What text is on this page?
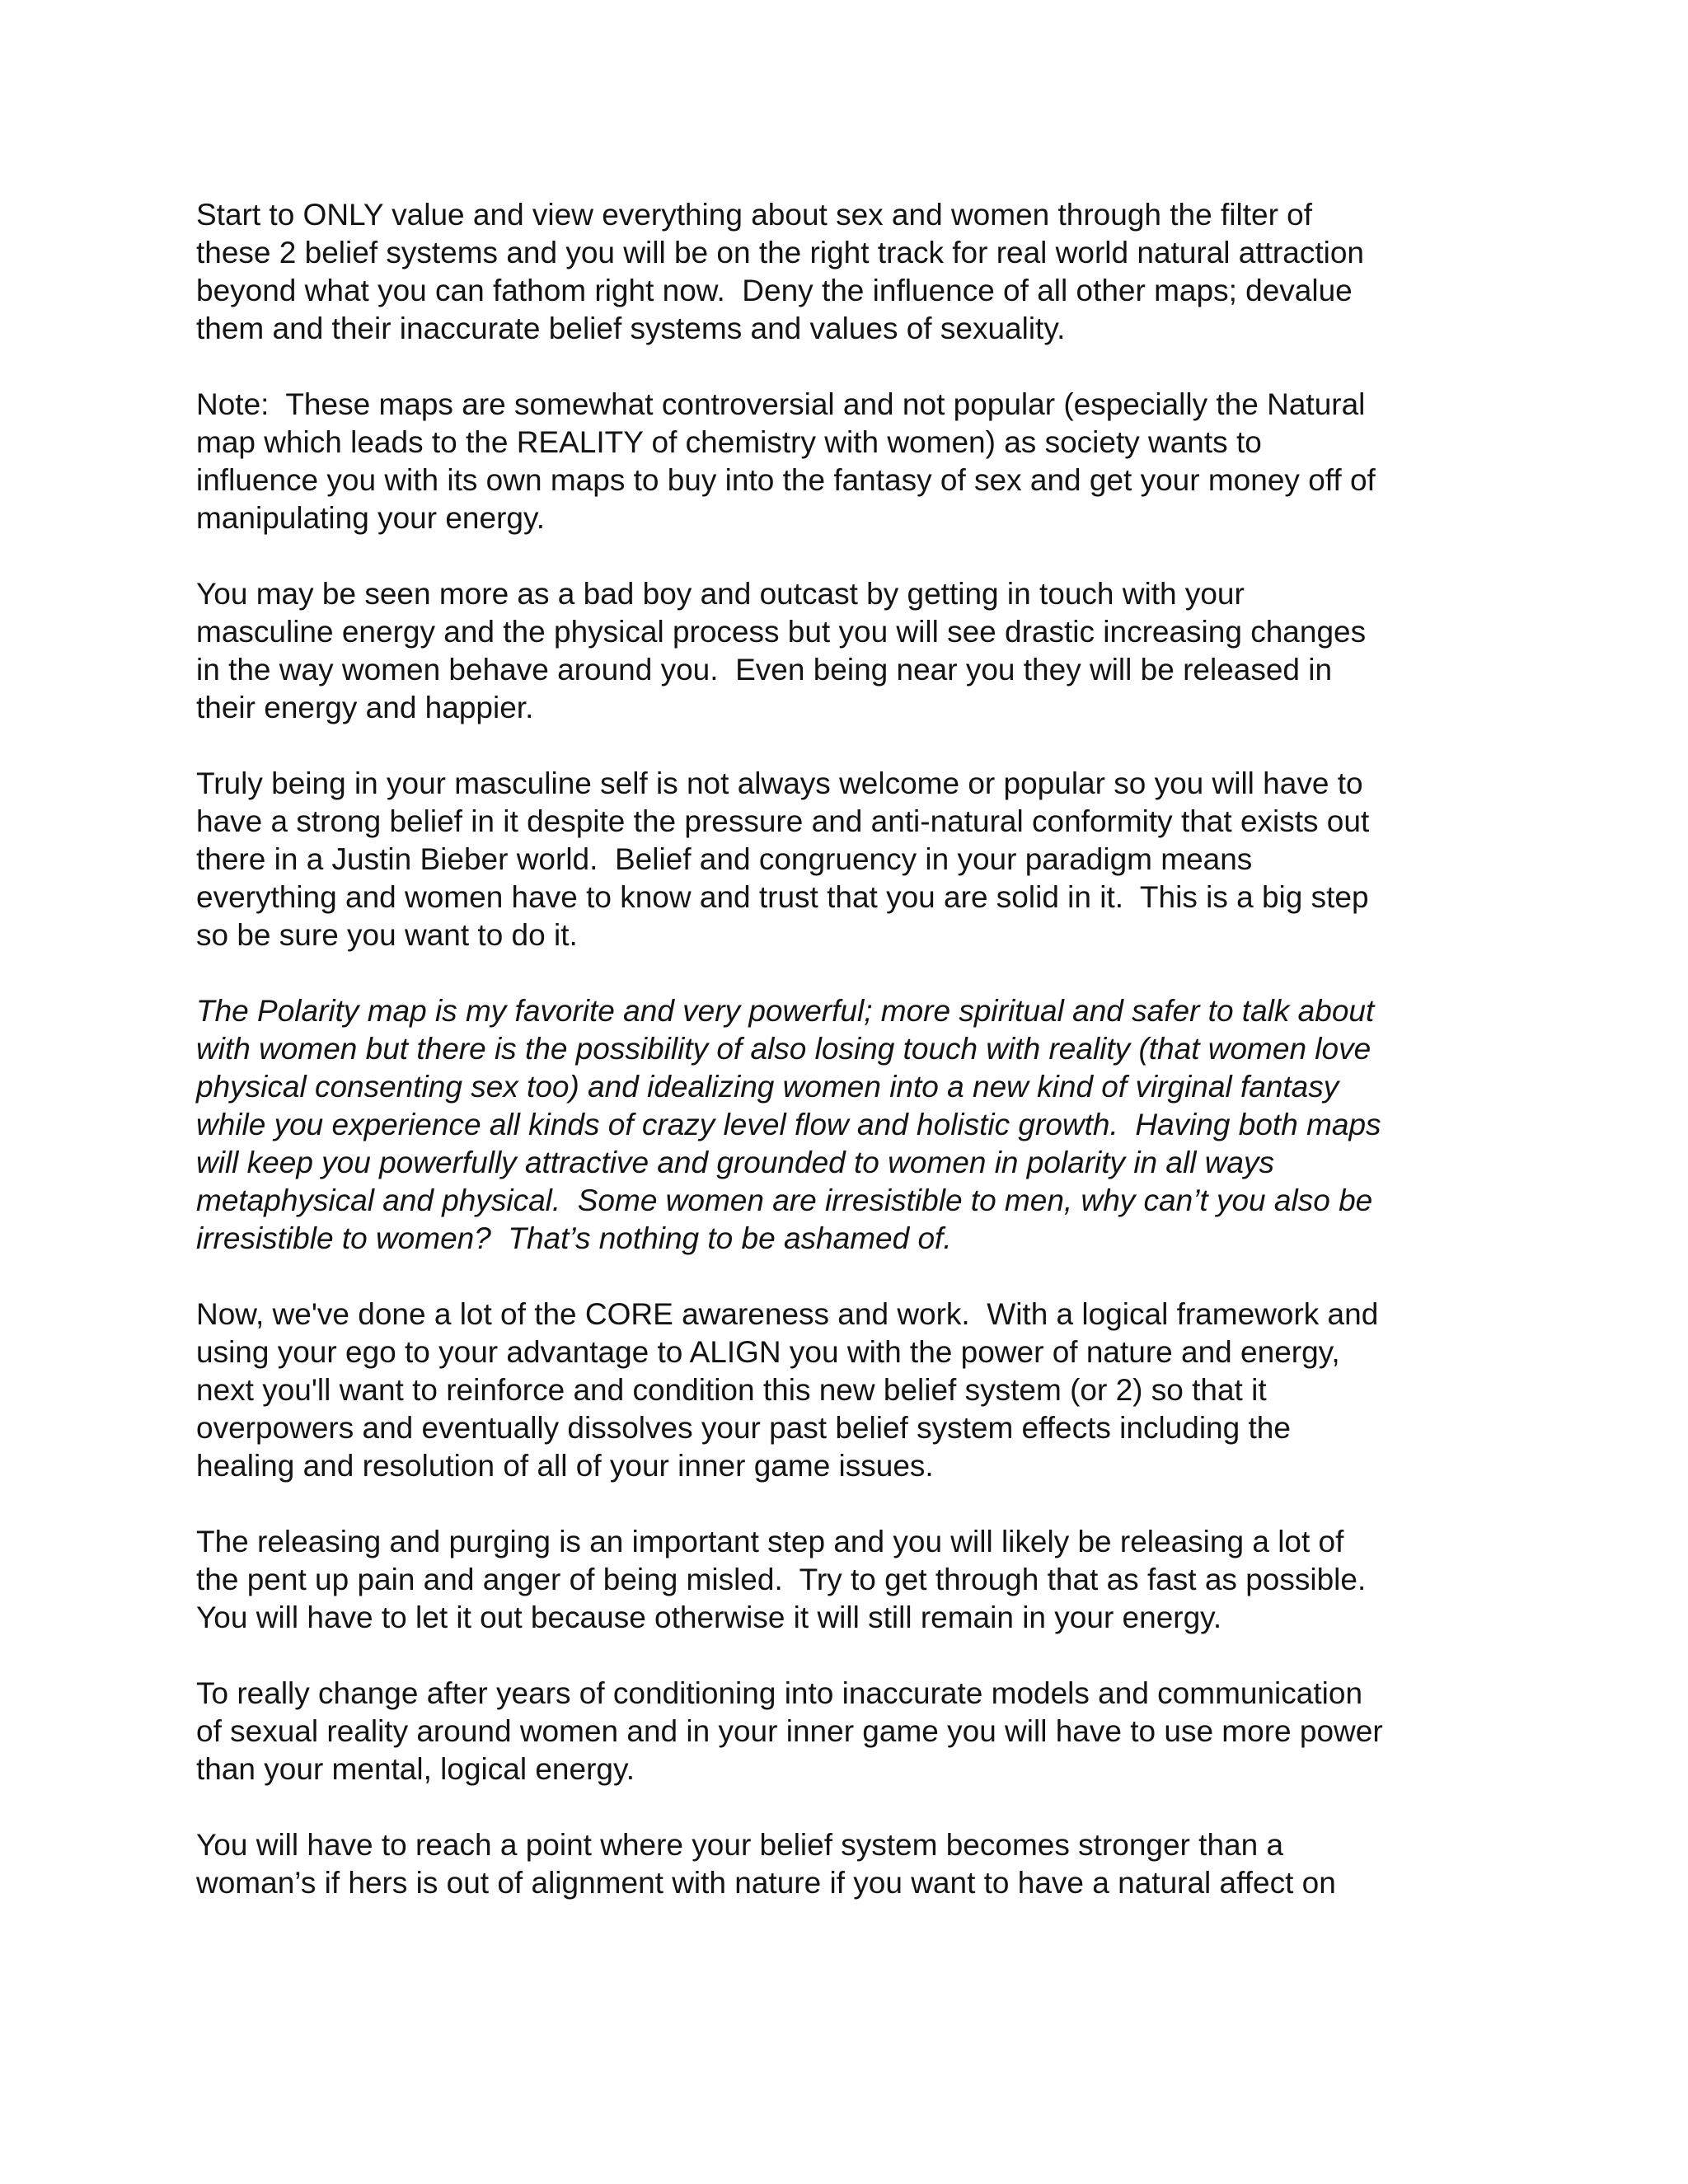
Start to ONLY value and view everything about sex and women through the filter of
these 2 belief systems and you will be on the right track for real world natural attraction
beyond what you can fathom right now.  Deny the influence of all other maps; devalue
them and their inaccurate belief systems and values of sexuality.
Note:  These maps are somewhat controversial and not popular (especially the Natural
map which leads to the REALITY of chemistry with women) as society wants to
influence you with its own maps to buy into the fantasy of sex and get your money off of
manipulating your energy.
You may be seen more as a bad boy and outcast by getting in touch with your
masculine energy and the physical process but you will see drastic increasing changes
in the way women behave around you.  Even being near you they will be released in
their energy and happier.
Truly being in your masculine self is not always welcome or popular so you will have to
have a strong belief in it despite the pressure and anti-natural conformity that exists out
there in a Justin Bieber world.  Belief and congruency in your paradigm means
everything and women have to know and trust that you are solid in it.  This is a big step
so be sure you want to do it.
The Polarity map is my favorite and very powerful; more spiritual and safer to talk about
with women but there is the possibility of also losing touch with reality (that women love
physical consenting sex too) and idealizing women into a new kind of virginal fantasy
while you experience all kinds of crazy level flow and holistic growth.  Having both maps
will keep you powerfully attractive and grounded to women in polarity in all ways
metaphysical and physical.  Some women are irresistible to men, why can’t you also be
irresistible to women?  That’s nothing to be ashamed of.
Now, we've done a lot of the CORE awareness and work.  With a logical framework and
using your ego to your advantage to ALIGN you with the power of nature and energy,
next you'll want to reinforce and condition this new belief system (or 2) so that it
overpowers and eventually dissolves your past belief system effects including the
healing and resolution of all of your inner game issues.
The releasing and purging is an important step and you will likely be releasing a lot of
the pent up pain and anger of being misled.  Try to get through that as fast as possible.
You will have to let it out because otherwise it will still remain in your energy.
To really change after years of conditioning into inaccurate models and communication
of sexual reality around women and in your inner game you will have to use more power
than your mental, logical energy.
You will have to reach a point where your belief system becomes stronger than a
woman’s if hers is out of alignment with nature if you want to have a natural affect on
